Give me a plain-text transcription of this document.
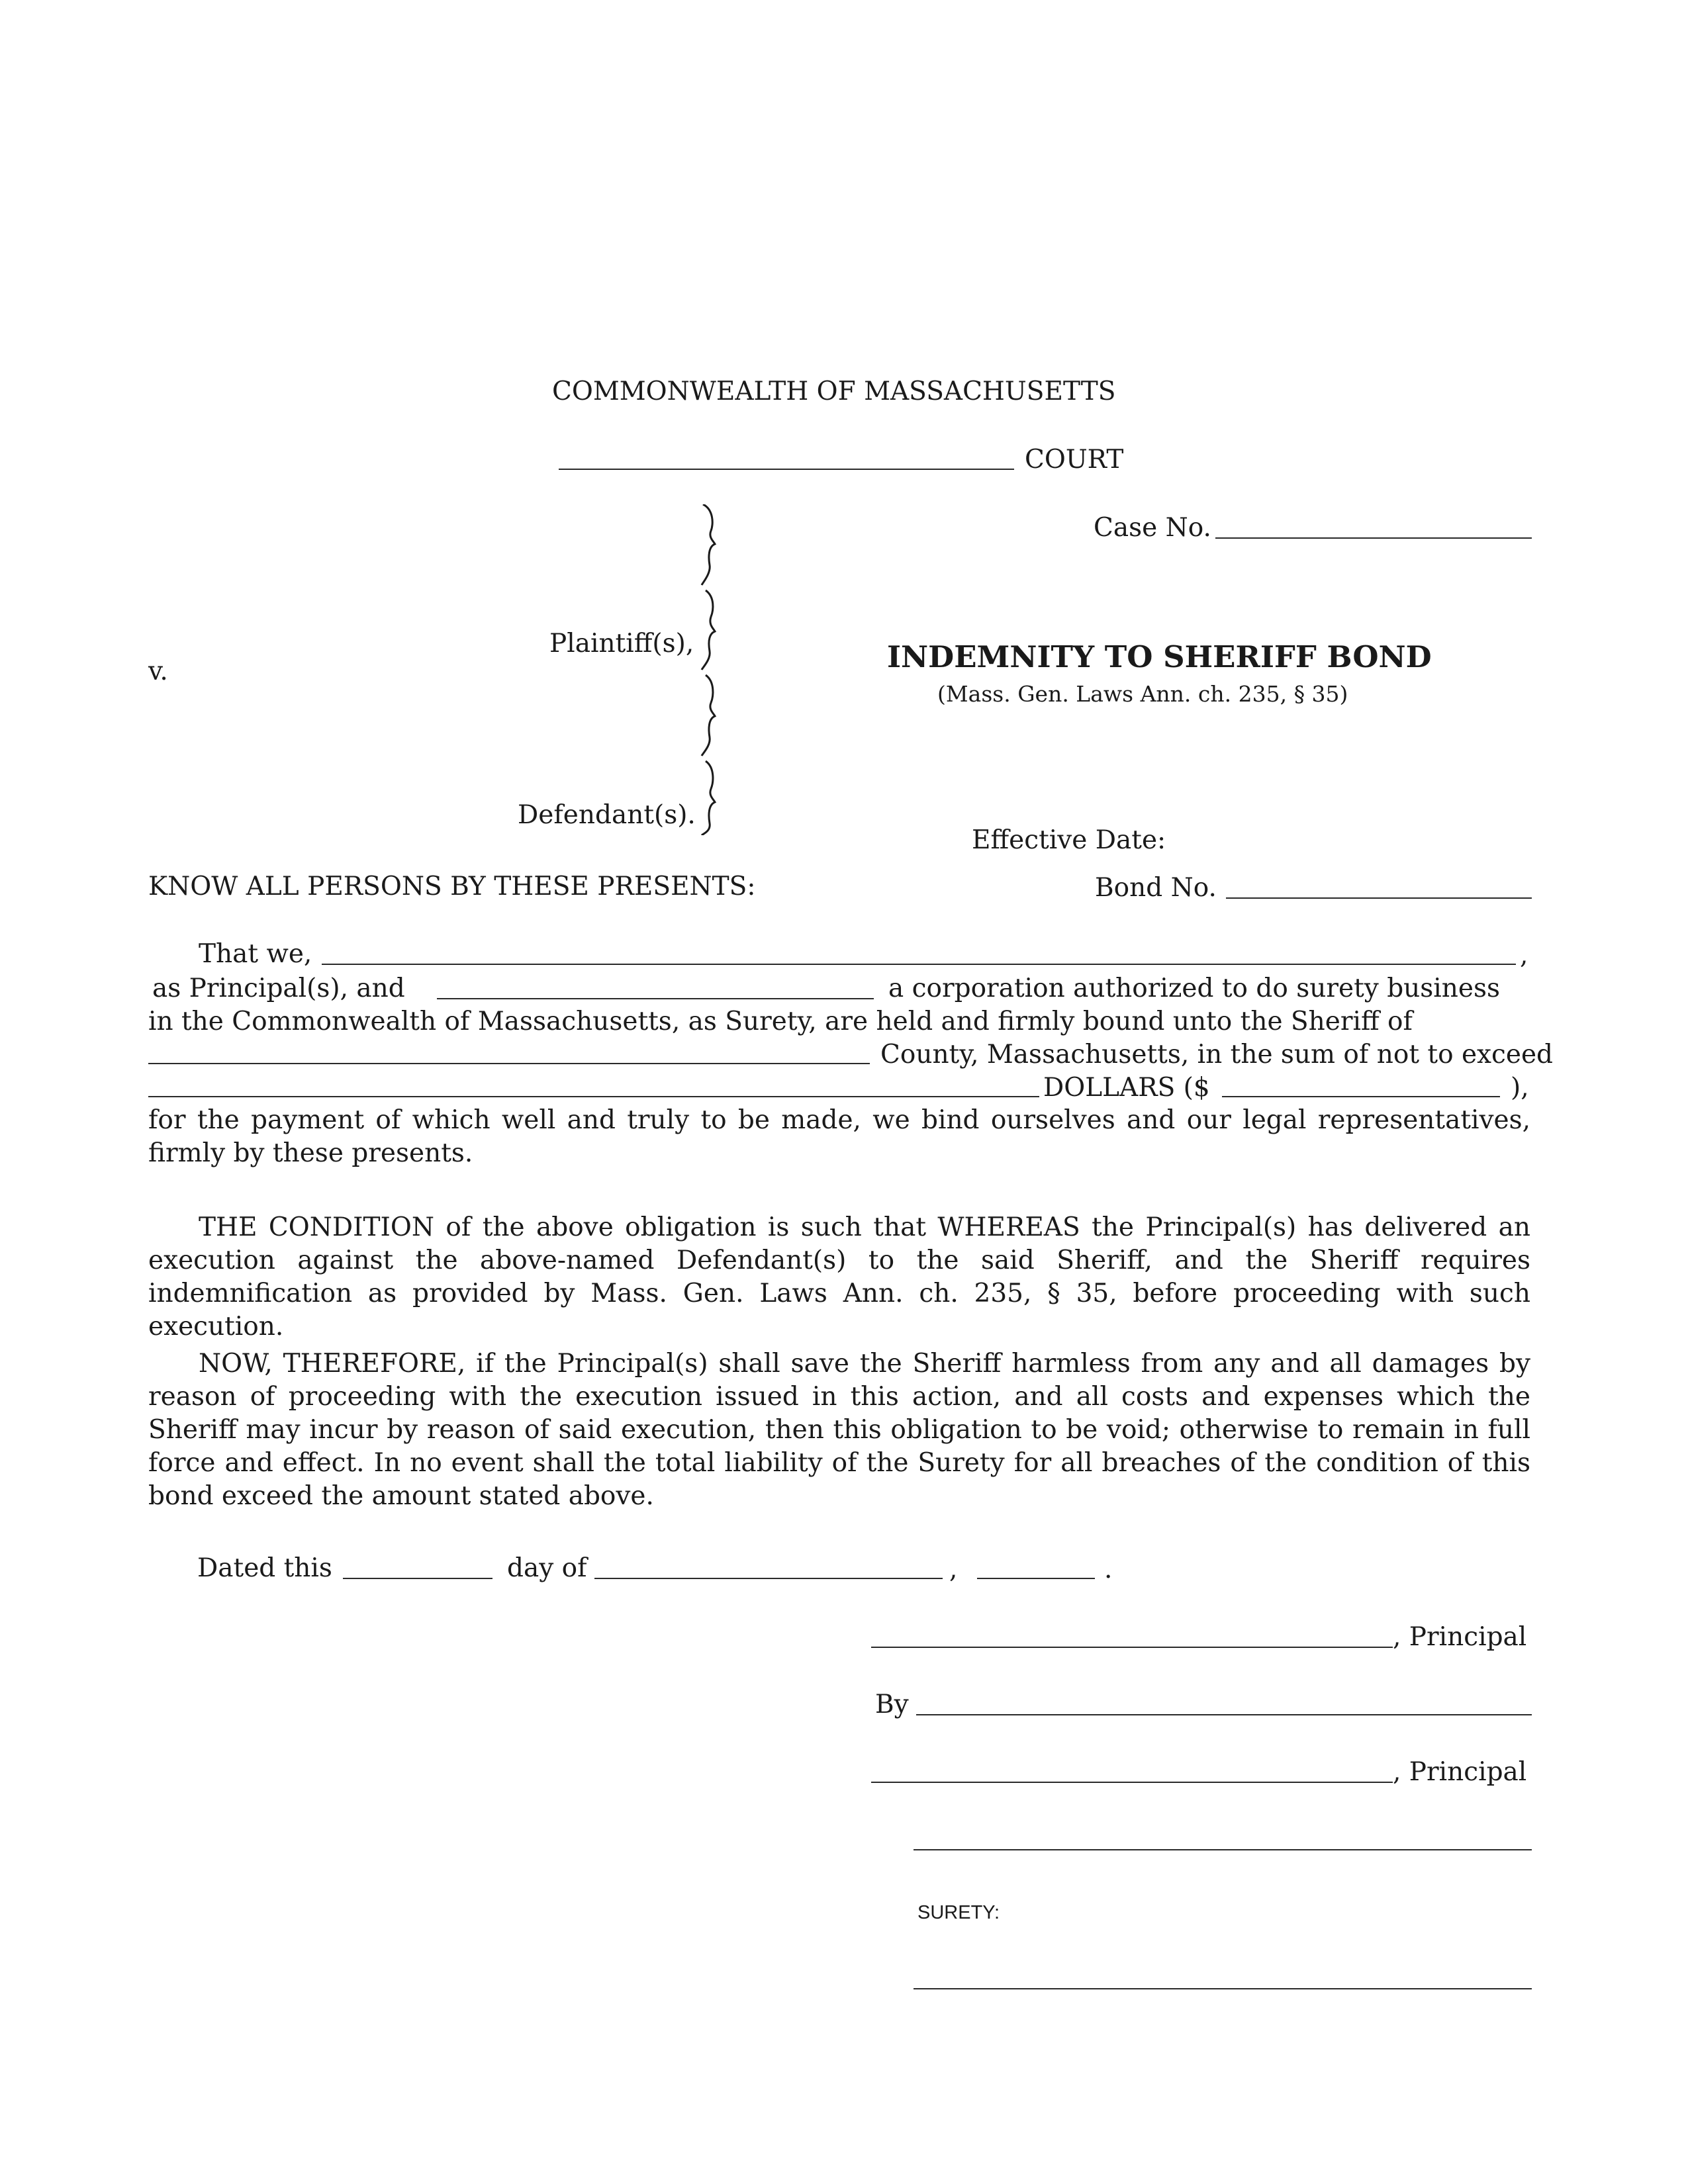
COMMONWEALTH OF MASSACHUSETTS
COURT
Case No.
v.
Plaintiff(s),
Defendant(s).
INDEMNITY TO SHERIFF BOND
(Mass. Gen. Laws Ann. ch. 235, § 35)
Effective Date:
KNOW ALL PERSONS BY THESE PRESENTS:	Bond No.
That we,	,
as Principal(s), and	a corporation authorized to do surety business
in the Commonwealth of Massachusetts, as Surety, are held and firmly bound unto the Sheriff of
County, Massachusetts, in the sum of not to exceed
DOLLARS ($	),
for the payment of which well and truly to be made, we bind ourselves and our legal representatives, firmly by these presents.
THE CONDITION of the above obligation is such that WHEREAS the Principal(s) has delivered an execution against the above-named Defendant(s) to the said Sheriff, and the Sheriff requires indemnification as provided by Mass. Gen. Laws Ann. ch. 235, § 35, before proceeding with such execution.
NOW, THEREFORE, if the Principal(s) shall save the Sheriff harmless from any and all damages by reason of proceeding with the execution issued in this action, and all costs and expenses which the Sheriff may incur by reason of said execution, then this obligation to be void; otherwise to remain in full force and effect. In no event shall the total liability of the Surety for all breaches of the condition of this bond exceed the amount stated above.
Dated this	day of	,	.
, Principal
By
, Principal
SURETY:
